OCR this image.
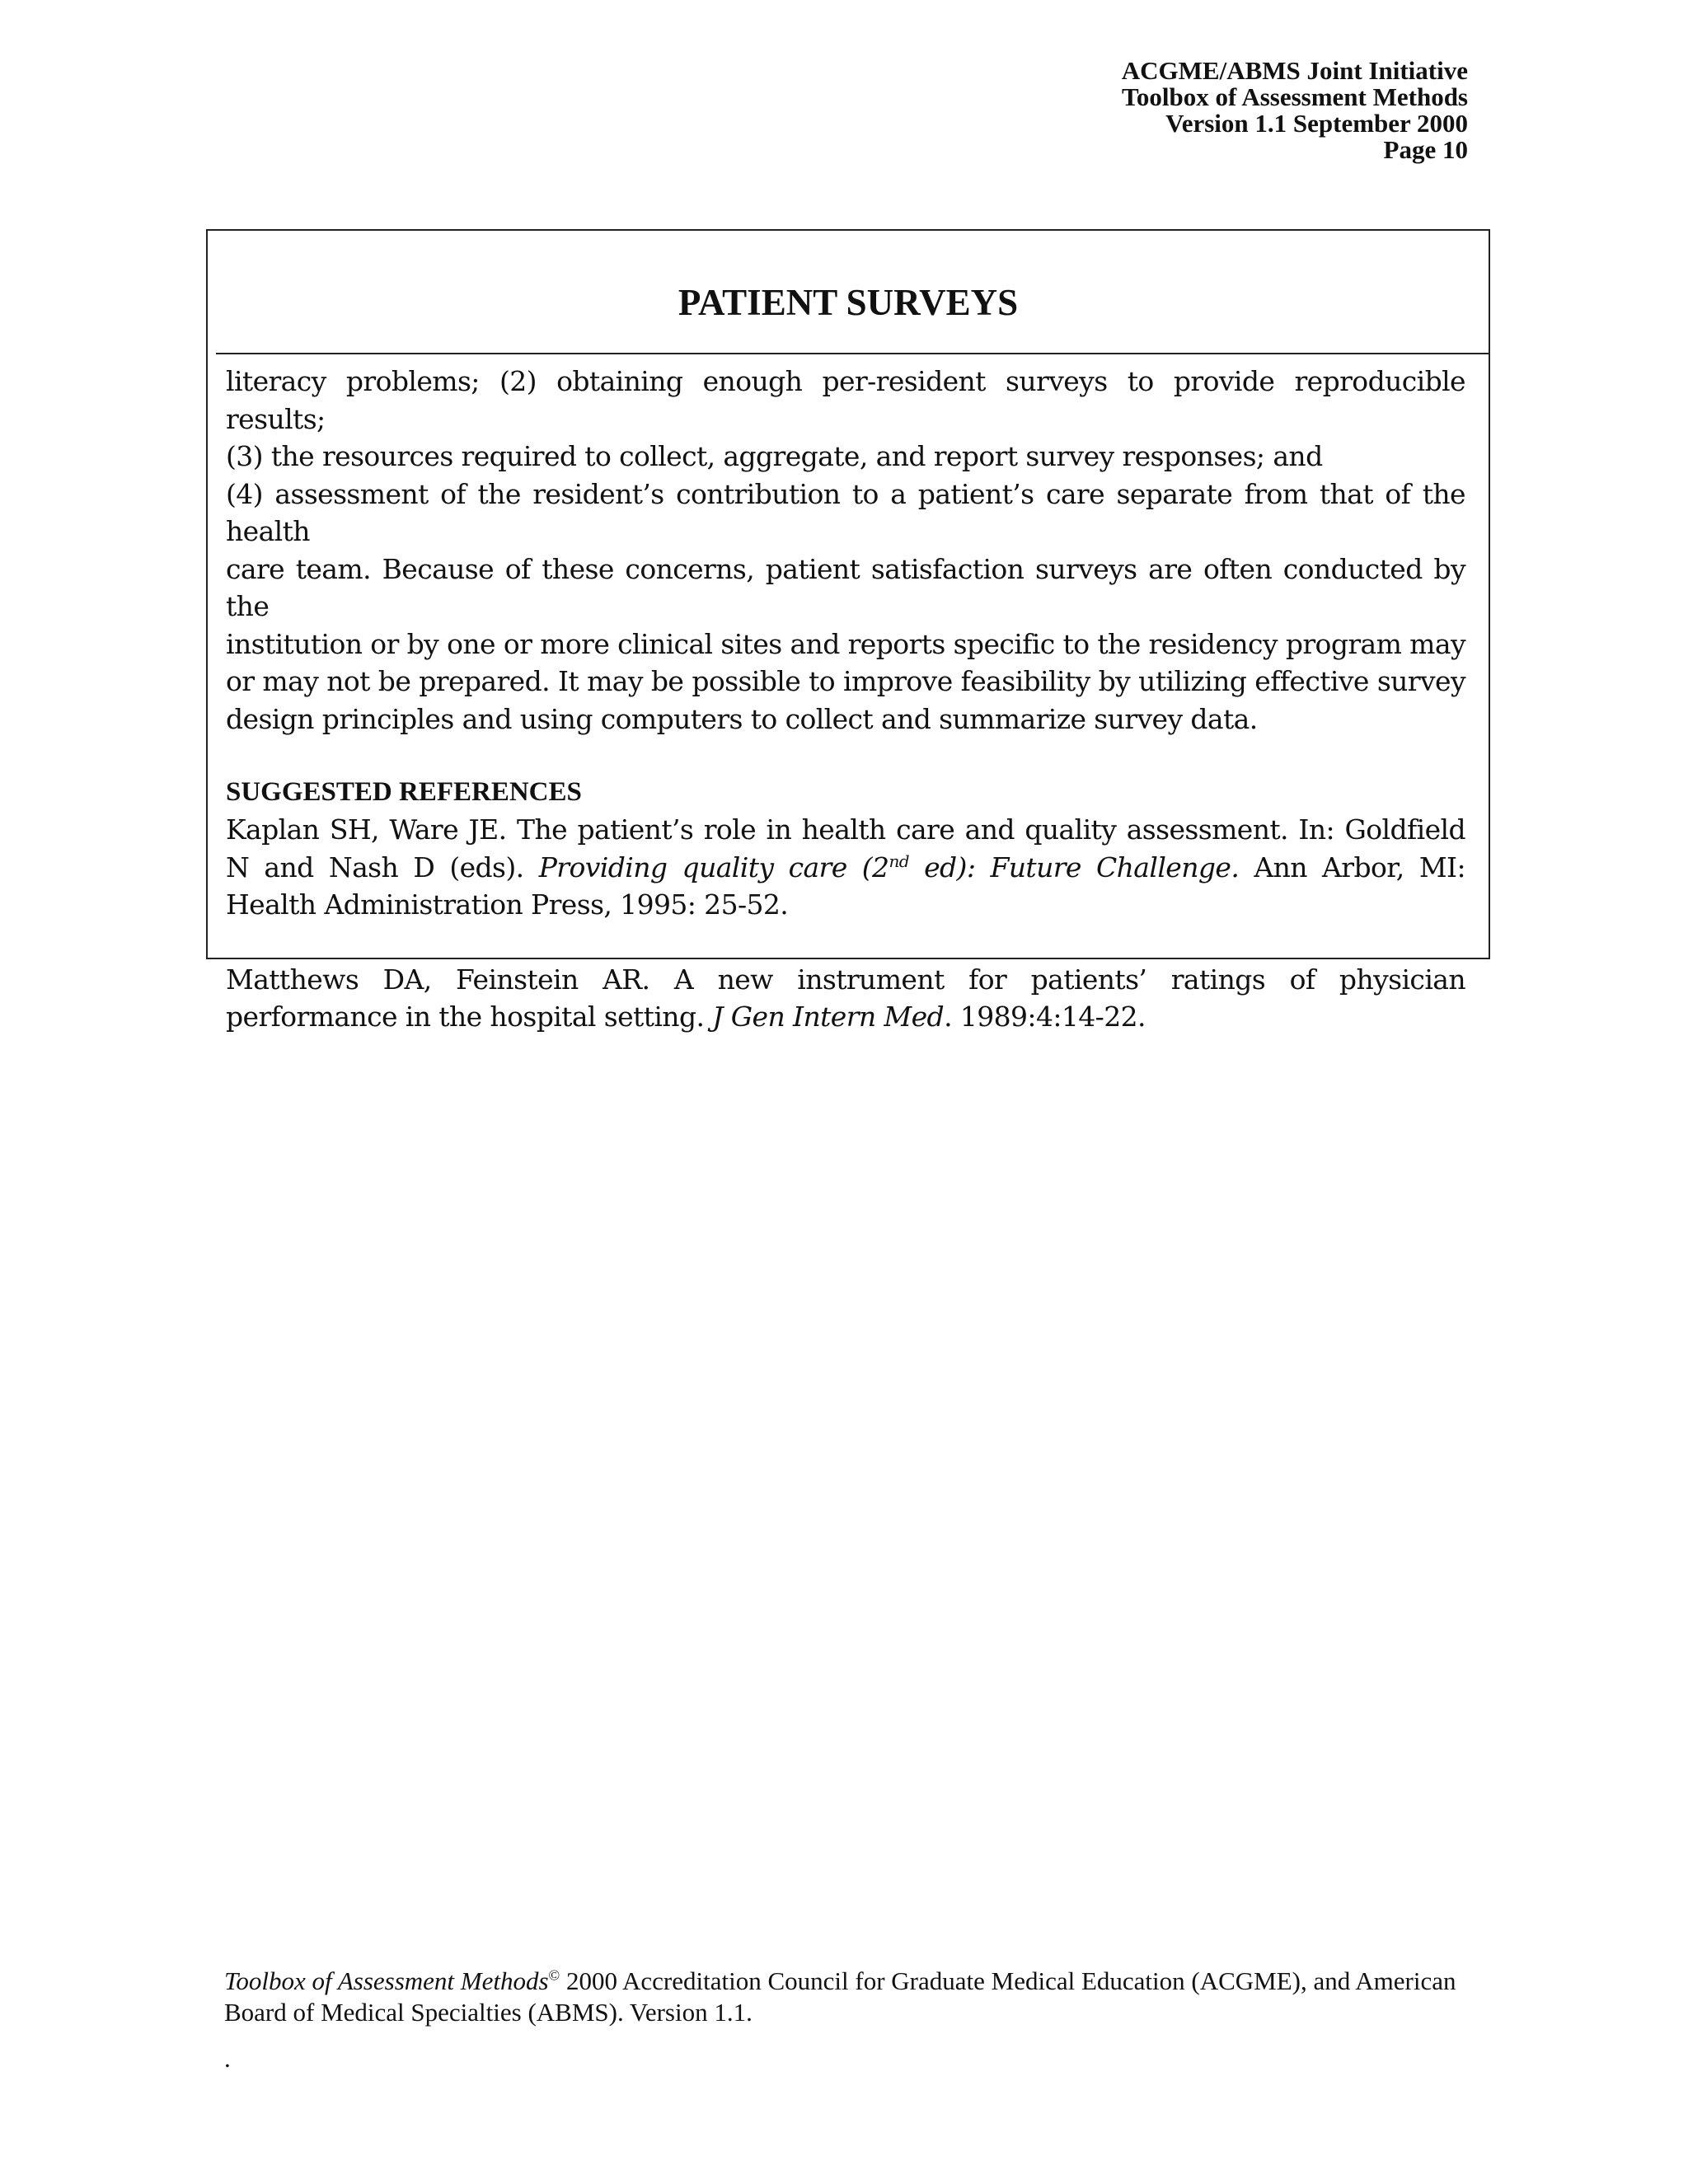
ACGME/ABMS Joint Initiative
Toolbox of Assessment Methods
Version 1.1 September 2000
Page 10
PATIENT SURVEYS
literacy problems; (2) obtaining enough per-resident surveys to provide reproducible results;
(3) the resources required to collect, aggregate, and report survey responses; and
(4) assessment of the resident’s contribution to a patient’s care separate from that of the health
care team. Because of these concerns, patient satisfaction surveys are often conducted by the
institution or by one or more clinical sites and reports specific to the residency program may
or may not be prepared. It may be possible to improve feasibility by utilizing effective survey
design principles and using computers to collect and summarize survey data.
SUGGESTED REFERENCES

Kaplan SH, Ware JE. The patient’s role in health care and quality assessment. In: Goldfield N and Nash D (eds). Providing quality care (2nd ed): Future Challenge. Ann Arbor, MI: Health Administration Press, 1995: 25-52.

Matthews DA, Feinstein AR. A new instrument for patients’ ratings of physician performance in the hospital setting. J Gen Intern Med. 1989:4:14-22.

Toolbox of Assessment Methods© 2000 Accreditation Council for Graduate Medical Education (ACGME), and American Board of Medical Specialties (ABMS). Version 1.1.
.
